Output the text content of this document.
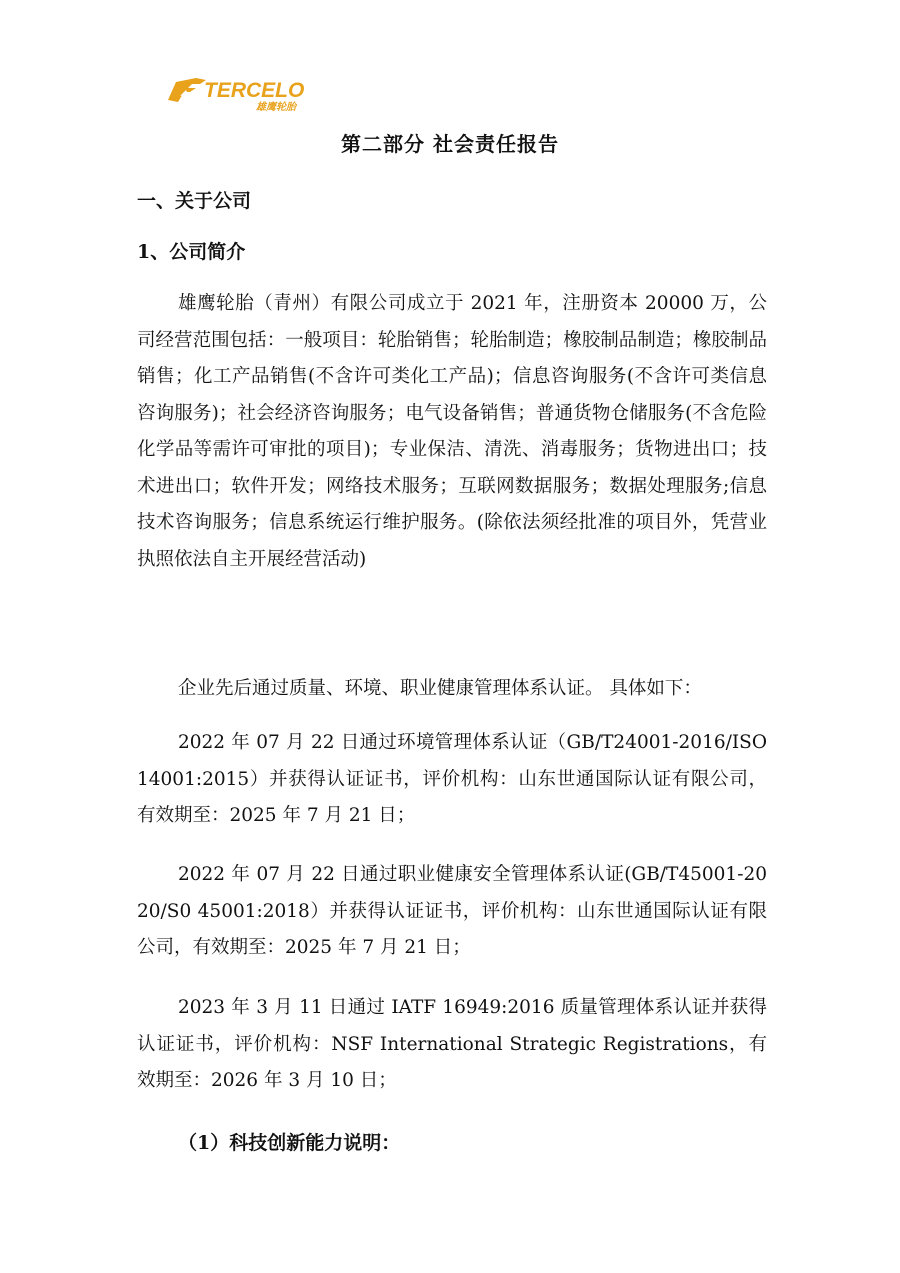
TERCELO
雄鹰轮胎
第二部分 社会责任报告
一、关于公司
1、公司简介

雄鹰轮胎（青州）有限公司成立于 2021 年，注册资本 20000 万，公司经营范围包括：一般项目：轮胎销售；轮胎制造；橡胶制品制造；橡胶制品销售；化工产品销售(不含许可类化工产品)；信息咨询服务(不含许可类信息咨询服务)；社会经济咨询服务；电气设备销售；普通货物仓储服务(不含危险化学品等需许可审批的项目)；专业保洁、清洗、消毒服务；货物进出口；技术进出口；软件开发；网络技术服务；互联网数据服务；数据处理服务;信息技术咨询服务；信息系统运行维护服务。(除依法须经批准的项目外，凭营业执照依法自主开展经营活动)

企业先后通过质量、环境、职业健康管理体系认证。 具体如下：

2022 年 07 月 22 日通过环境管理体系认证（GB/T24001-2016/ISO14001:2015）并获得认证证书，评价机构：山东世通国际认证有限公司，有效期至：2025 年 7 月 21 日；

2022 年 07 月 22 日通过职业健康安全管理体系认证(GB/T45001-2020/S0 45001:2018）并获得认证证书，评价机构：山东世通国际认证有限公司，有效期至：2025 年 7 月 21 日；

2023 年 3 月 11 日通过 IATF 16949:2016 质量管理体系认证并获得认证证书，评价机构：NSF International Strategic Registrations，有效期至：2026 年 3 月 10 日；

（1）科技创新能力说明：
